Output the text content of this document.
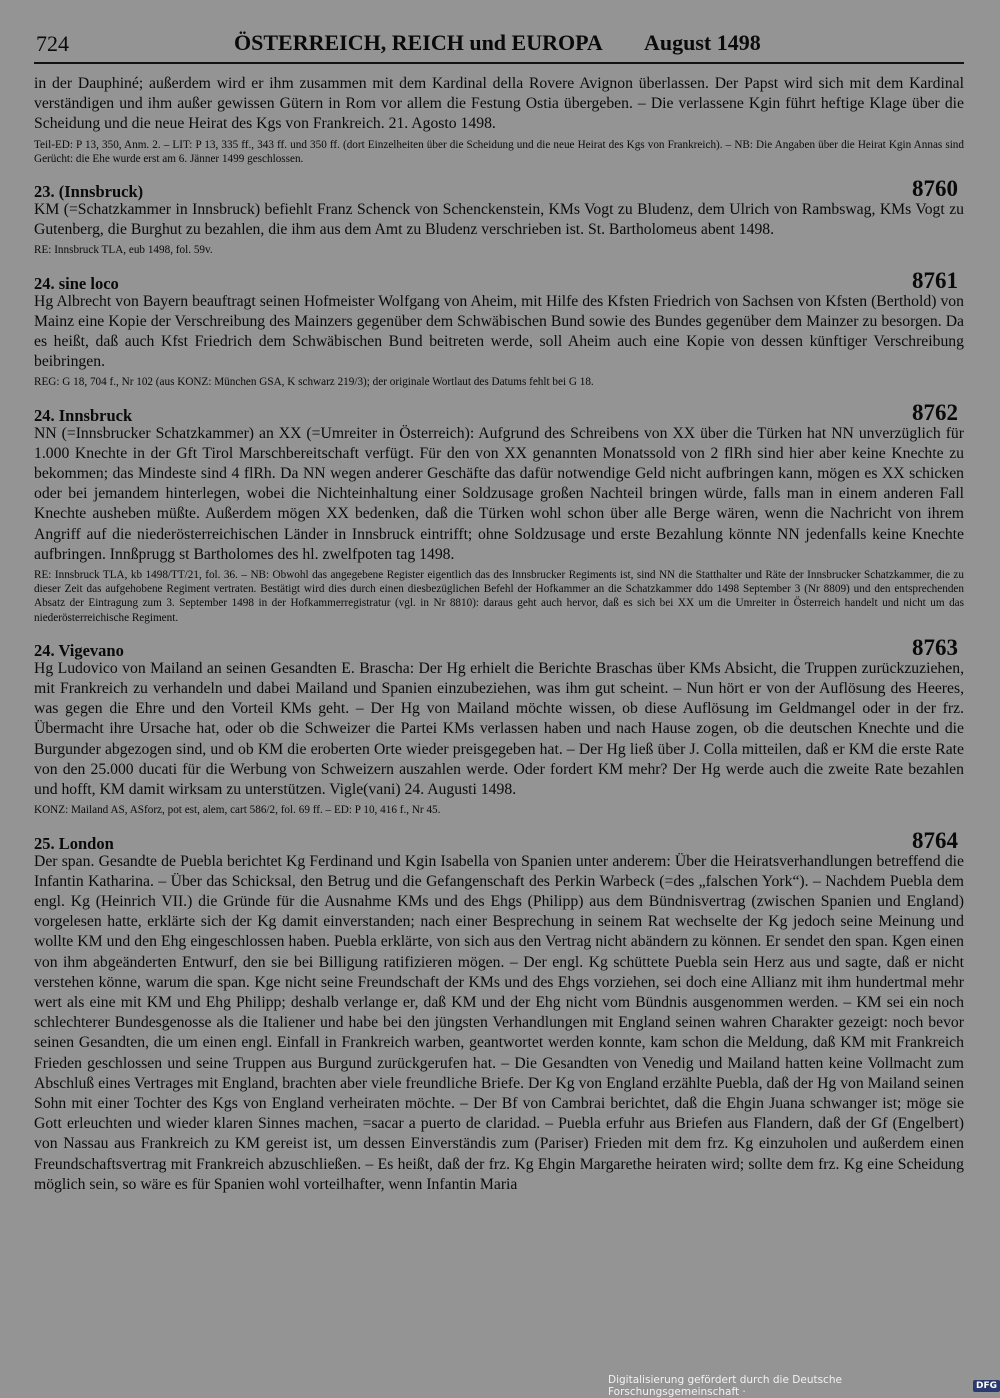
724	ÖSTERREICH, REICH und EUROPA August 1498

in der Dauphiné; außerdem wird er ihm zusammen mit dem Kardinal della Rovere Avignon überlassen. Der Papst wird sich mit dem Kardinal verständigen und ihm außer gewissen Gütern in Rom vor allem die Festung Ostia übergeben. – Die verlassene Kgin führt heftige Klage über die Scheidung und die neue Heirat des Kgs von Frankreich. 21. Agosto 1498.

Teil-ED: P 13, 350, Anm. 2. – LIT: P 13, 335 ff., 343 ff. und 350 ff. (dort Einzelheiten über die Scheidung und die neue Heirat des Kgs von Frankreich). – NB: Die Angaben über die Heirat Kgin Annas sind Gerücht: die Ehe wurde erst am 6. Jänner 1499 geschlossen.

23. (Innsbruck)	8760

KM (=Schatzkammer in Innsbruck) befiehlt Franz Schenck von Schenckenstein, KMs Vogt zu Bludenz, dem Ulrich von Rambswag, KMs Vogt zu Gutenberg, die Burghut zu bezahlen, die ihm aus dem Amt zu Bludenz verschrieben ist. St. Bartholomeus abent 1498.

RE: Innsbruck TLA, eub 1498, fol. 59v.

24. sine loco	8761

Hg Albrecht von Bayern beauftragt seinen Hofmeister Wolfgang von Aheim, mit Hilfe des Kfsten Friedrich von Sachsen von Kfsten (Berthold) von Mainz eine Kopie der Verschreibung des Mainzers gegenüber dem Schwäbischen Bund sowie des Bundes gegenüber dem Mainzer zu besorgen. Da es heißt, daß auch Kfst Friedrich dem Schwäbischen Bund beitreten werde, soll Aheim auch eine Kopie von dessen künftiger Verschreibung beibringen.

REG: G 18, 704 f., Nr 102 (aus KONZ: München GSA, K schwarz 219/3); der originale Wortlaut des Datums fehlt bei G 18.

24. Innsbruck	8762

NN (=Innsbrucker Schatzkammer) an XX (=Umreiter in Österreich): Aufgrund des Schreibens von XX über die Türken hat NN unverzüglich für 1.000 Knechte in der Gft Tirol Marschbereitschaft verfügt. Für den von XX genannten Monatssold von 2 flRh sind hier aber keine Knechte zu bekommen; das Mindeste sind 4 flRh. Da NN wegen anderer Geschäfte das dafür notwendige Geld nicht aufbringen kann, mögen es XX schicken oder bei jemandem hinterlegen, wobei die Nichteinhaltung einer Soldzusage großen Nachteil bringen würde, falls man in einem anderen Fall Knechte ausheben müßte. Außerdem mögen XX bedenken, daß die Türken wohl schon über alle Berge wären, wenn die Nachricht von ihrem Angriff auf die niederösterreichischen Länder in Innsbruck eintrifft; ohne Soldzusage und erste Bezahlung könnte NN jedenfalls keine Knechte aufbringen. Innßprugg st Bartholomes des hl. zwelfpoten tag 1498.

RE: Innsbruck TLA, kb 1498/TT/21, fol. 36. – NB: Obwohl das angegebene Register eigentlich das des Innsbrucker Regiments ist, sind NN die Statthalter und Räte der Innsbrucker Schatzkammer, die zu dieser Zeit das aufgehobene Regiment vertraten. Bestätigt wird dies durch einen diesbezüglichen Befehl der Hofkammer an die Schatzkammer ddo 1498 September 3 (Nr 8809) und den entsprechenden Absatz der Eintragung zum 3. September 1498 in der Hofkammerregistratur (vgl. in Nr 8810): daraus geht auch hervor, daß es sich bei XX um die Umreiter in Österreich handelt und nicht um das niederösterreichische Regiment.

24. Vigevano	8763

Hg Ludovico von Mailand an seinen Gesandten E. Brascha: Der Hg erhielt die Berichte Braschas über KMs Absicht, die Truppen zurückzuziehen, mit Frankreich zu verhandeln und dabei Mailand und Spanien einzubeziehen, was ihm gut scheint. – Nun hört er von der Auflösung des Heeres, was gegen die Ehre und den Vorteil KMs geht. – Der Hg von Mailand möchte wissen, ob diese Auflösung im Geldmangel oder in der frz. Übermacht ihre Ursache hat, oder ob die Schweizer die Partei KMs verlassen haben und nach Hause zogen, ob die deutschen Knechte und die Burgunder abgezogen sind, und ob KM die eroberten Orte wieder preisgegeben hat. – Der Hg ließ über J. Colla mitteilen, daß er KM die erste Rate von den 25.000 ducati für die Werbung von Schweizern auszahlen werde. Oder fordert KM mehr? Der Hg werde auch die zweite Rate bezahlen und hofft, KM damit wirksam zu unterstützen. Vigle(vani) 24. Augusti 1498.

KONZ: Mailand AS, ASforz, pot est, alem, cart 586/2, fol. 69 ff. – ED: P 10, 416 f., Nr 45.

25. London	8764

Der span. Gesandte de Puebla berichtet Kg Ferdinand und Kgin Isabella von Spanien unter anderem: Über die Heiratsverhandlungen betreffend die Infantin Katharina. – Über das Schicksal, den Betrug und die Gefangenschaft des Perkin Warbeck (=des „falschen York“). – Nachdem Puebla dem engl. Kg (Heinrich VII.) die Gründe für die Ausnahme KMs und des Ehgs (Philipp) aus dem Bündnisvertrag (zwischen Spanien und England) vorgelesen hatte, erklärte sich der Kg damit einverstanden; nach einer Besprechung in seinem Rat wechselte der Kg jedoch seine Meinung und wollte KM und den Ehg eingeschlossen haben. Puebla erklärte, von sich aus den Vertrag nicht abändern zu können. Er sendet den span. Kgen einen von ihm abgeänderten Entwurf, den sie bei Billigung ratifizieren mögen. – Der engl. Kg schüttete Puebla sein Herz aus und sagte, daß er nicht verstehen könne, warum die span. Kge nicht seine Freundschaft der KMs und des Ehgs vorziehen, sei doch eine Allianz mit ihm hundertmal mehr wert als eine mit KM und Ehg Philipp; deshalb verlange er, daß KM und der Ehg nicht vom Bündnis ausgenommen werden. – KM sei ein noch schlechterer Bundesgenosse als die Italiener und habe bei den jüngsten Verhandlungen mit England seinen wahren Charakter gezeigt: noch bevor seinen Gesandten, die um einen engl. Einfall in Frankreich warben, geantwortet werden konnte, kam schon die Meldung, daß KM mit Frankreich Frieden geschlossen und seine Truppen aus Burgund zurückgerufen hat. – Die Gesandten von Venedig und Mailand hatten keine Vollmacht zum Abschluß eines Vertrages mit England, brachten aber viele freundliche Briefe. Der Kg von England erzählte Puebla, daß der Hg von Mailand seinen Sohn mit einer Tochter des Kgs von England verheiraten möchte. – Der Bf von Cambrai berichtet, daß die Ehgin Juana schwanger ist; möge sie Gott erleuchten und wieder klaren Sinnes machen, =sacar a puerto de claridad. – Puebla erfuhr aus Briefen aus Flandern, daß der Gf (Engelbert) von Nassau aus Frankreich zu KM gereist ist, um dessen Einverständis zum (Pariser) Frieden mit dem frz. Kg einzuholen und außerdem einen Freundschaftsvertrag mit Frankreich abzuschließen. – Es heißt, daß der frz. Kg Ehgin Margarethe heiraten wird; sollte dem frz. Kg eine Scheidung möglich sein, so wäre es für Spanien wohl vorteilhafter, wenn Infantin Maria

Digitalisierung gefördert durch die Deutsche Forschungsgemeinschaft ·	DFG
